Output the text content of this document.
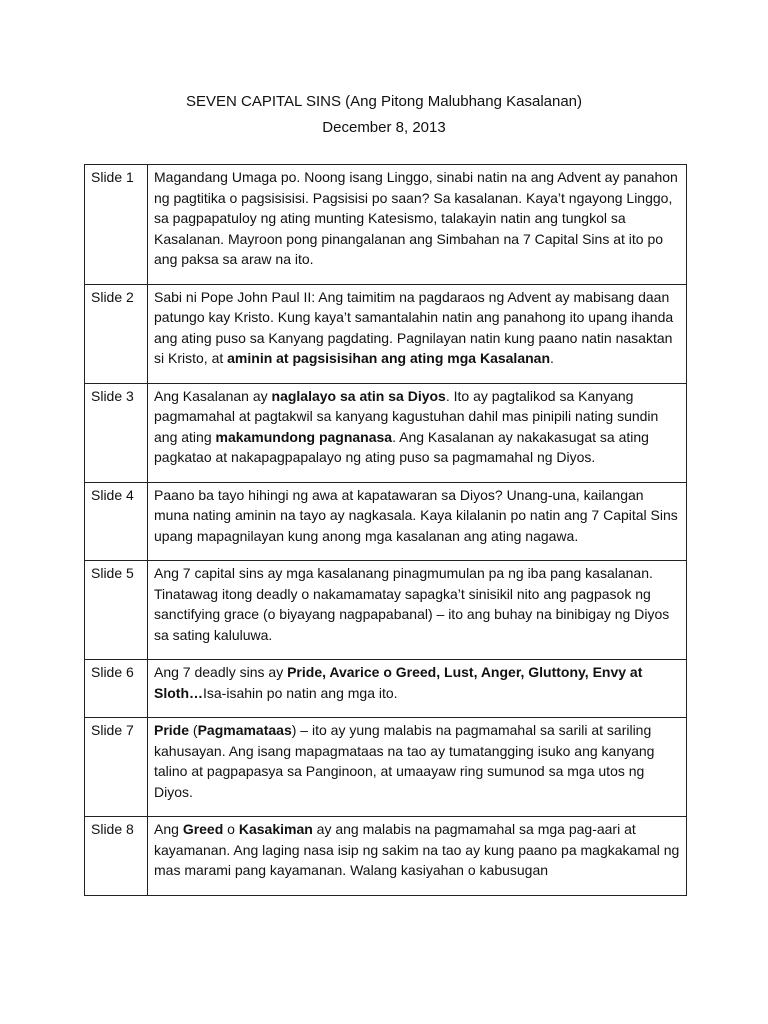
SEVEN CAPITAL SINS (Ang Pitong Malubhang Kasalanan)
December 8, 2013
Slide 1	Magandang Umaga po. Noong isang Linggo, sinabi natin na ang Advent ay panahon ng pagtitika o pagsisisisi. Pagsisisi po saan? Sa kasalanan. Kaya’t ngayong Linggo, sa pagpapatuloy ng ating munting Katesismo, talakayin natin ang tungkol sa Kasalanan. Mayroon pong pinangalanan ang Simbahan na 7 Capital Sins at ito po ang paksa sa araw na ito.
Slide 2	Sabi ni Pope John Paul II: Ang taimitim na pagdaraos ng Advent ay mabisang daan patungo kay Kristo. Kung kaya’t samantalahin natin ang panahong ito upang ihanda ang ating puso sa Kanyang pagdating. Pagnilayan natin kung paano natin nasaktan si Kristo, at aminin at pagsisisihan ang ating mga Kasalanan.
Slide 3	Ang Kasalanan ay naglalayo sa atin sa Diyos. Ito ay pagtalikod sa Kanyang pagmamahal at pagtakwil sa kanyang kagustuhan dahil mas pinipili nating sundin ang ating makamundong pagnanasa. Ang Kasalanan ay nakakasugat sa ating pagkatao at nakapagpapalayo ng ating puso sa pagmamahal ng Diyos.
Slide 4	Paano ba tayo hihingi ng awa at kapatawaran sa Diyos? Unang-una, kailangan muna nating aminin na tayo ay nagkasala. Kaya kilalanin po natin ang 7 Capital Sins upang mapagnilayan kung anong mga kasalanan ang ating nagawa.
Slide 5	Ang 7 capital sins ay mga kasalanang pinagmumulan pa ng iba pang kasalanan. Tinatawag itong deadly o nakamamatay sapagka’t sinisikil nito ang pagpasok ng sanctifying grace (o biyayang nagpapabanal) – ito ang buhay na binibigay ng Diyos sa sating kaluluwa.
Slide 6	Ang 7 deadly sins ay Pride, Avarice o Greed, Lust, Anger, Gluttony, Envy at Sloth…Isa-isahin po natin ang mga ito.
Slide 7	Pride (Pagmamataas) – ito ay yung malabis na pagmamahal sa sarili at sariling kahusayan. Ang isang mapagmataas na tao ay tumatangging isuko ang kanyang talino at pagpapasya sa Panginoon, at umaayaw ring sumunod sa mga utos ng Diyos.
Slide 8	Ang Greed o Kasakiman ay ang malabis na pagmamahal sa mga pag-aari at kayamanan. Ang laging nasa isip ng sakim na tao ay kung paano pa magkakamal ng mas marami pang kayamanan. Walang kasiyahan o kabusugan
